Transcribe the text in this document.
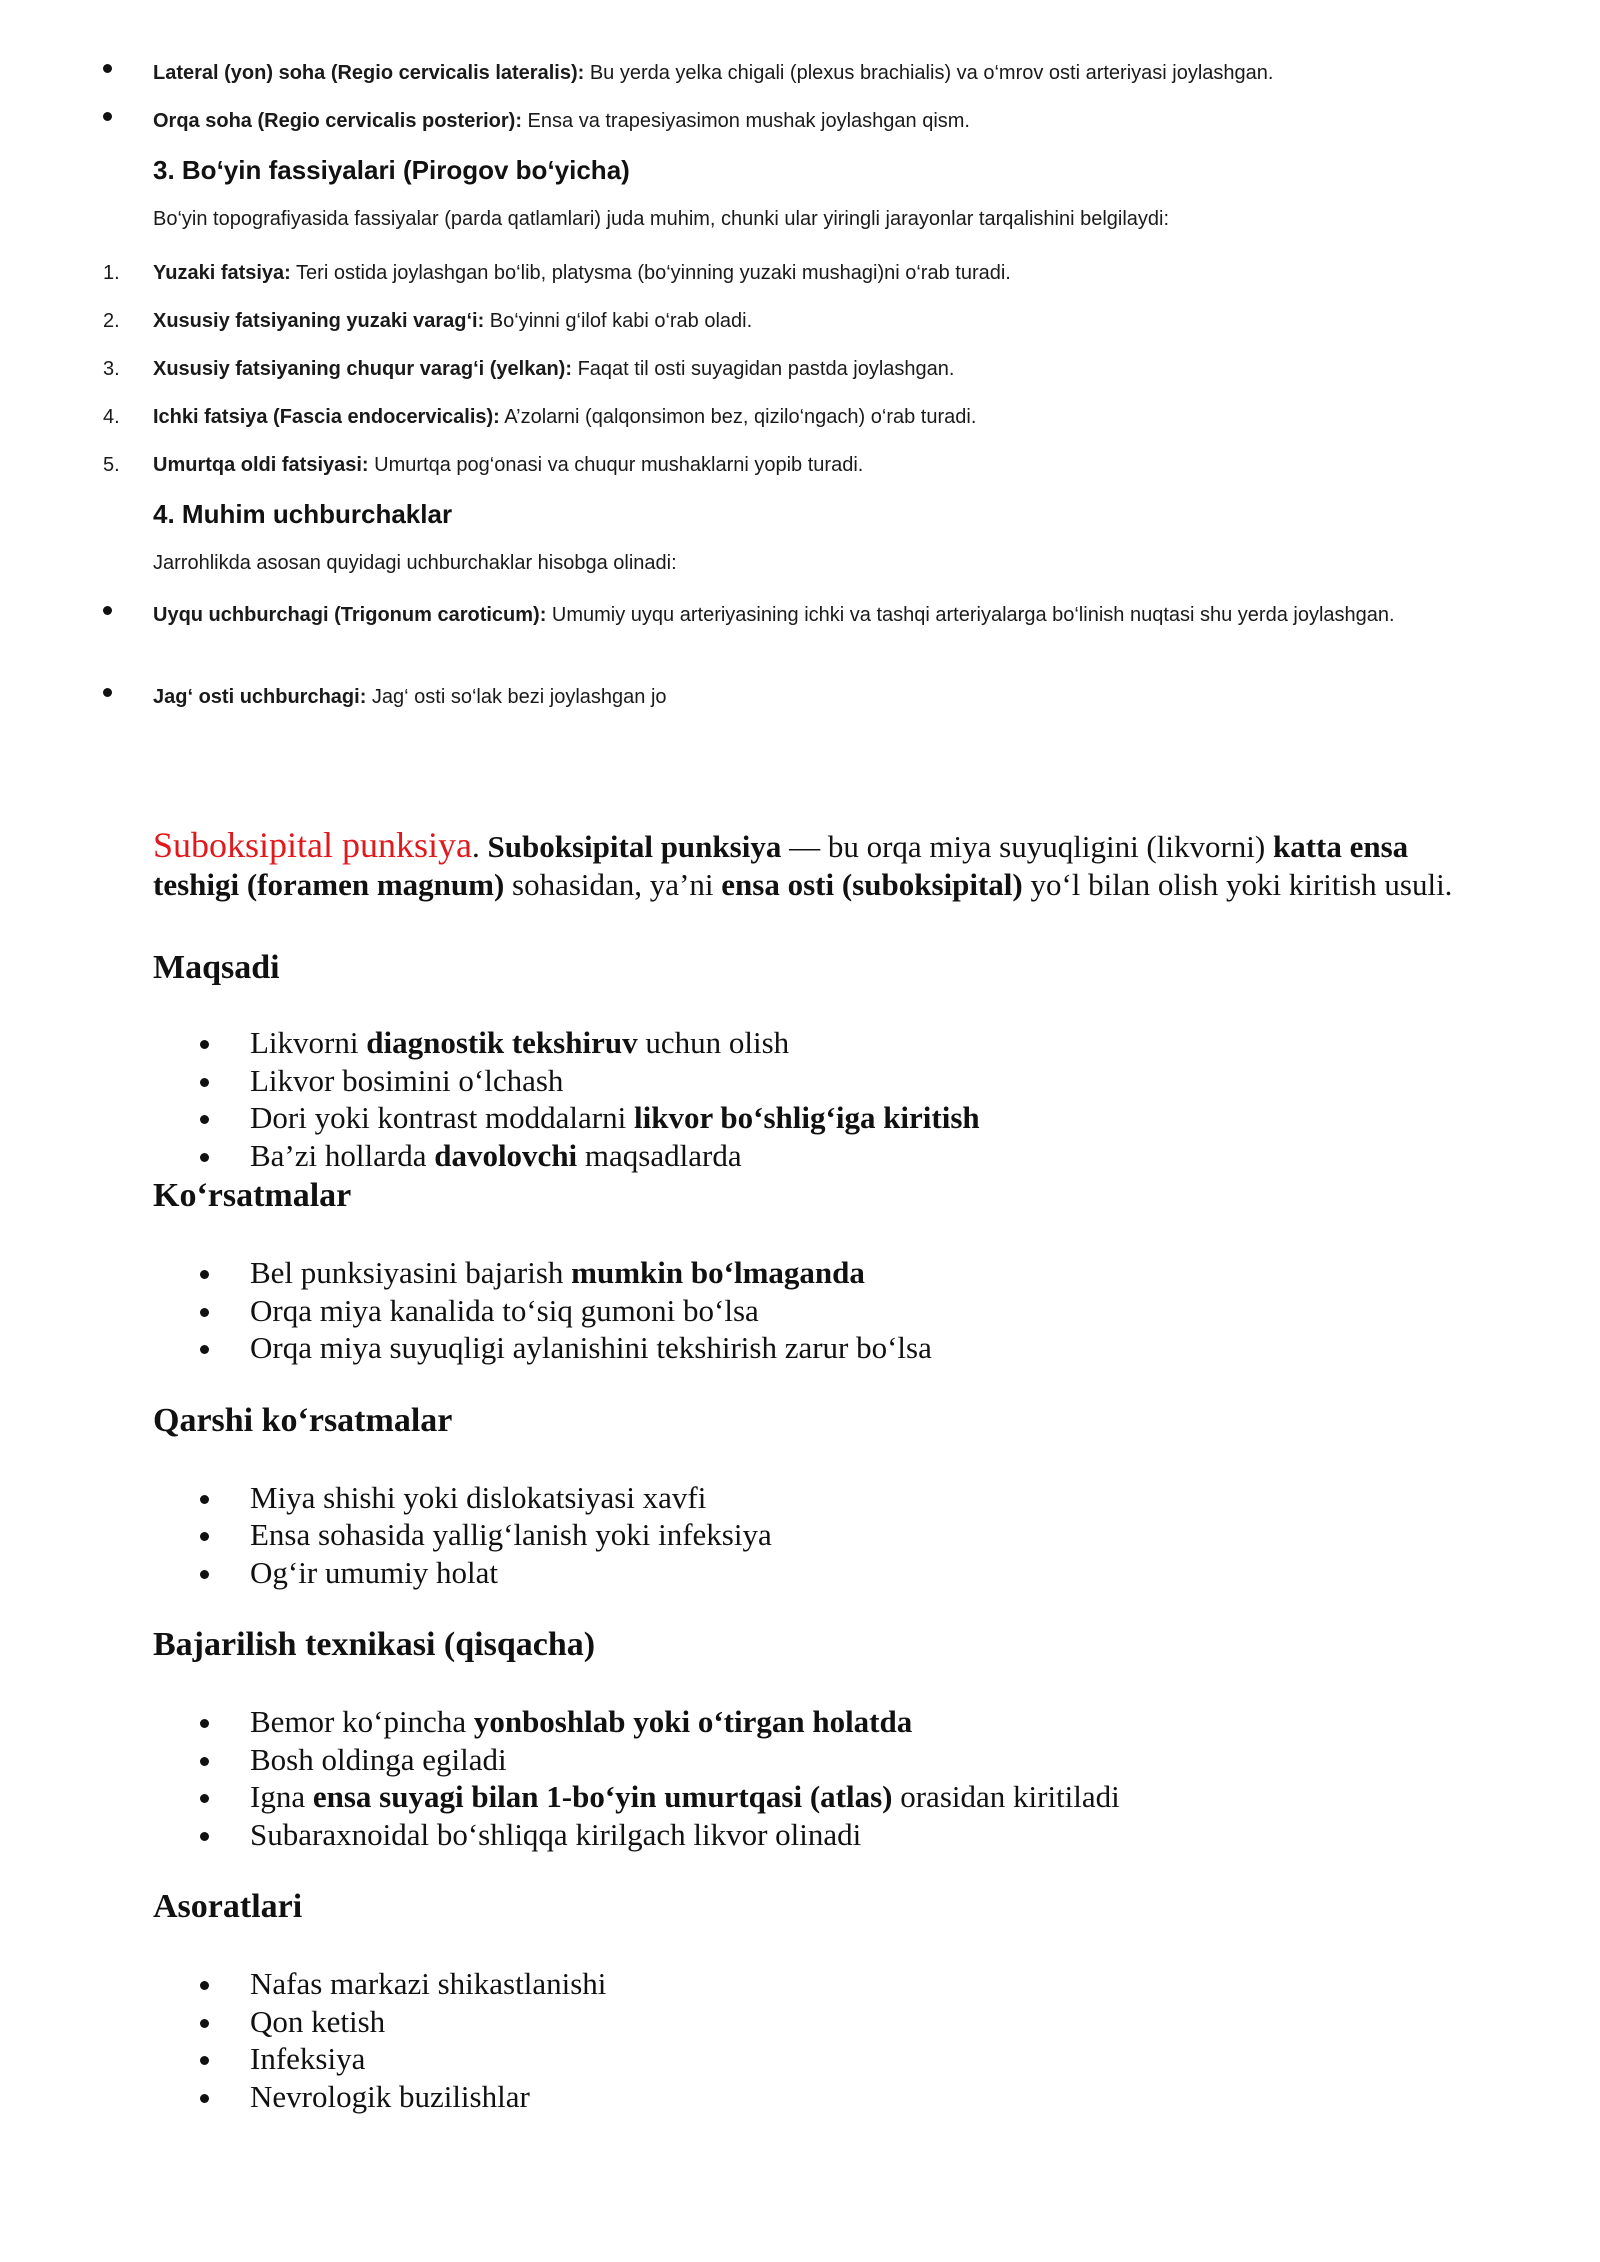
Lateral (yon) soha (Regio cervicalis lateralis): Bu yerda yelka chigali (plexus brachialis) va o‘mrov osti arteriyasi joylashgan.
Orqa soha (Regio cervicalis posterior): Ensa va trapesiyasimon mushak joylashgan qism.
3. Bo‘yin fassiyalari (Pirogov bo‘yicha)
Bo‘yin topografiyasida fassiyalar (parda qatlamlari) juda muhim, chunki ular yiringli jarayonlar tarqalishini belgilaydi:
1. Yuzaki fatsiya: Teri ostida joylashgan bo‘lib, platysma (bo‘yinning yuzaki mushagi)ni o‘rab turadi.
2. Xususiy fatsiyaning yuzaki varag‘i: Bo‘yinni g‘ilof kabi o‘rab oladi.
3. Xususiy fatsiyaning chuqur varag‘i (yelkan): Faqat til osti suyagidan pastda joylashgan.
4. Ichki fatsiya (Fascia endocervicalis): A’zolarni (qalqonsimon bez, qizilo‘ngach) o‘rab turadi.
5. Umurtqa oldi fatsiyasi: Umurtqa pog‘onasi va chuqur mushaklarni yopib turadi.
4. Muhim uchburchaklar
Jarrohlikda asosan quyidagi uchburchaklar hisobga olinadi:
Uyqu uchburchagi (Trigonum caroticum): Umumiy uyqu arteriyasining ichki va tashqi arteriyalarga bo‘linish nuqtasi shu yerda joylashgan.
Jag‘ osti uchburchagi: Jag‘ osti so‘lak bezi joylashgan jo
Suboksipital punksiya. Suboksipital punksiya — bu orqa miya suyuqligini (likvorni) katta ensa teshigi (foramen magnum) sohasidan, ya’ni ensa osti (suboksipital) yo‘l bilan olish yoki kiritish usuli.
Maqsadi
Likvorni diagnostik tekshiruv uchun olish
Likvor bosimini o‘lchash
Dori yoki kontrast moddalarni likvor bo‘shlig‘iga kiritish
Ba’zi hollarda davolovchi maqsadlarda
Ko‘rsatmalar
Bel punksiyasini bajarish mumkin bo‘lmaganda
Orqa miya kanalida to‘siq gumoni bo‘lsa
Orqa miya suyuqligi aylanishini tekshirish zarur bo‘lsa
Qarshi ko‘rsatmalar
Miya shishi yoki dislokatsiyasi xavfi
Ensa sohasida yallig‘lanish yoki infeksiya
Og‘ir umumiy holat
Bajarilish texnikasi (qisqacha)
Bemor ko‘pincha yonboshlab yoki o‘tirgan holatda
Bosh oldinga egiladi
Igna ensa suyagi bilan 1-bo‘yin umurtqasi (atlas) orasidan kiritiladi
Subaraxnoidal bo‘shliqqa kirilgach likvor olinadi
Asoratlari
Nafas markazi shikastlanishi
Qon ketish
Infeksiya
Nevrologik buzilishlar
